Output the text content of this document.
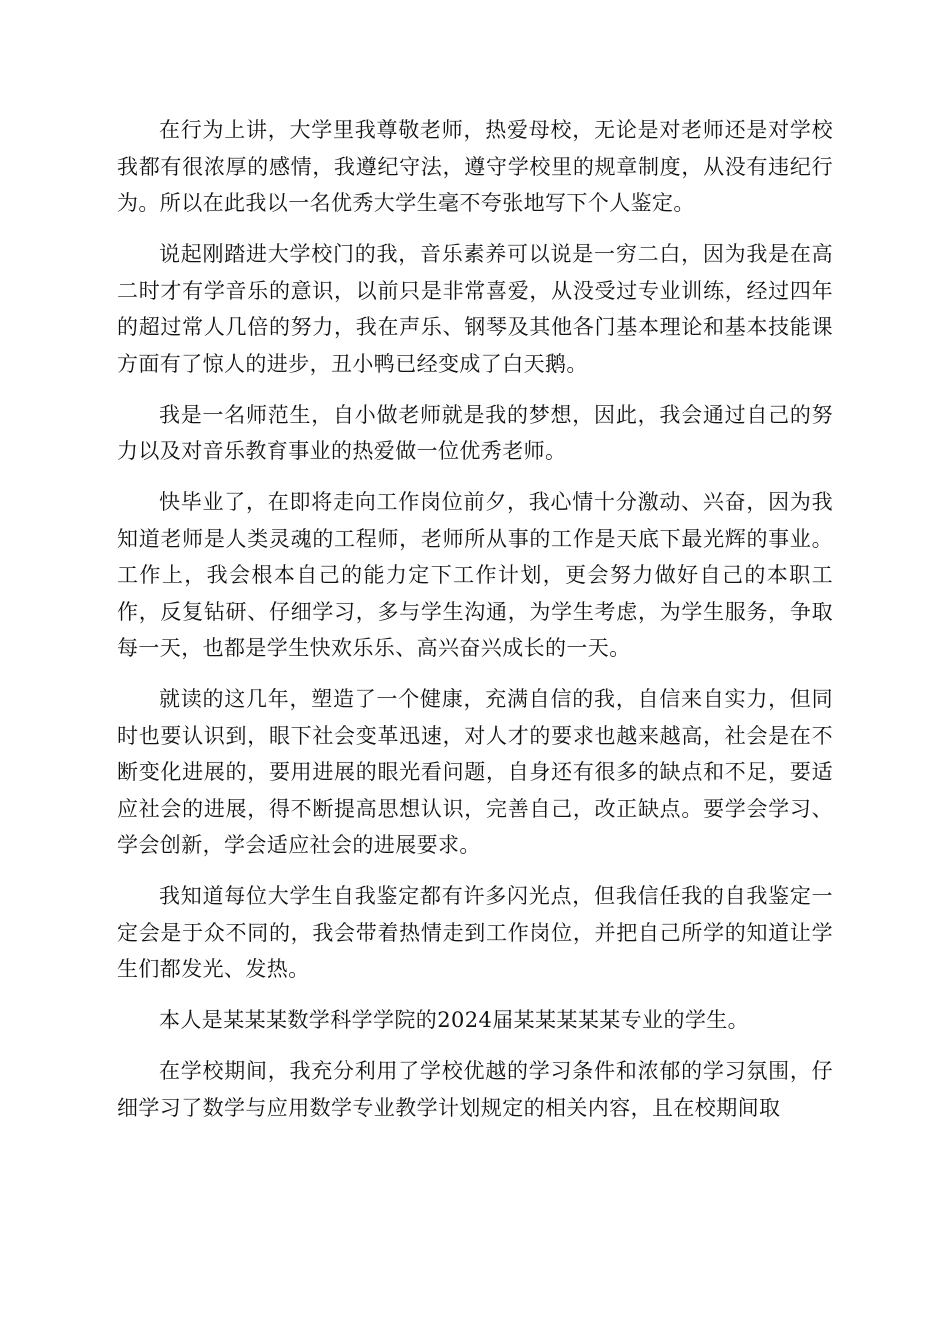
在行为上讲，大学里我尊敬老师，热爱母校，无论是对老师还是对学校我都有很浓厚的感情，我遵纪守法，遵守学校里的规章制度，从没有违纪行为。所以在此我以一名优秀大学生毫不夸张地写下个人鉴定。

说起刚踏进大学校门的我，音乐素养可以说是一穷二白，因为我是在高二时才有学音乐的意识，以前只是非常喜爱，从没受过专业训练，经过四年的超过常人几倍的努力，我在声乐、钢琴及其他各门基本理论和基本技能课方面有了惊人的进步，丑小鸭已经变成了白天鹅。

我是一名师范生，自小做老师就是我的梦想，因此，我会通过自己的努力以及对音乐教育事业的热爱做一位优秀老师。

快毕业了，在即将走向工作岗位前夕，我心情十分激动、兴奋，因为我知道老师是人类灵魂的工程师，老师所从事的工作是天底下最光辉的事业。工作上，我会根本自己的能力定下工作计划，更会努力做好自己的本职工作，反复钻研、仔细学习，多与学生沟通，为学生考虑，为学生服务，争取每一天，也都是学生快欢乐乐、高兴奋兴成长的一天。

就读的这几年，塑造了一个健康，充满自信的我，自信来自实力，但同时也要认识到，眼下社会变革迅速，对人才的要求也越来越高，社会是在不断变化进展的，要用进展的眼光看问题，自身还有很多的缺点和不足，要适应社会的进展，得不断提高思想认识，完善自己，改正缺点。要学会学习、学会创新，学会适应社会的进展要求。

我知道每位大学生自我鉴定都有许多闪光点，但我信任我的自我鉴定一定会是于众不同的，我会带着热情走到工作岗位，并把自己所学的知道让学生们都发光、发热。

本人是某某某数学科学学院的2024届某某某某某专业的学生。

在学校期间，我充分利用了学校优越的学习条件和浓郁的学习氛围，仔细学习了数学与应用数学专业教学计划规定的相关内容，且在校期间取
